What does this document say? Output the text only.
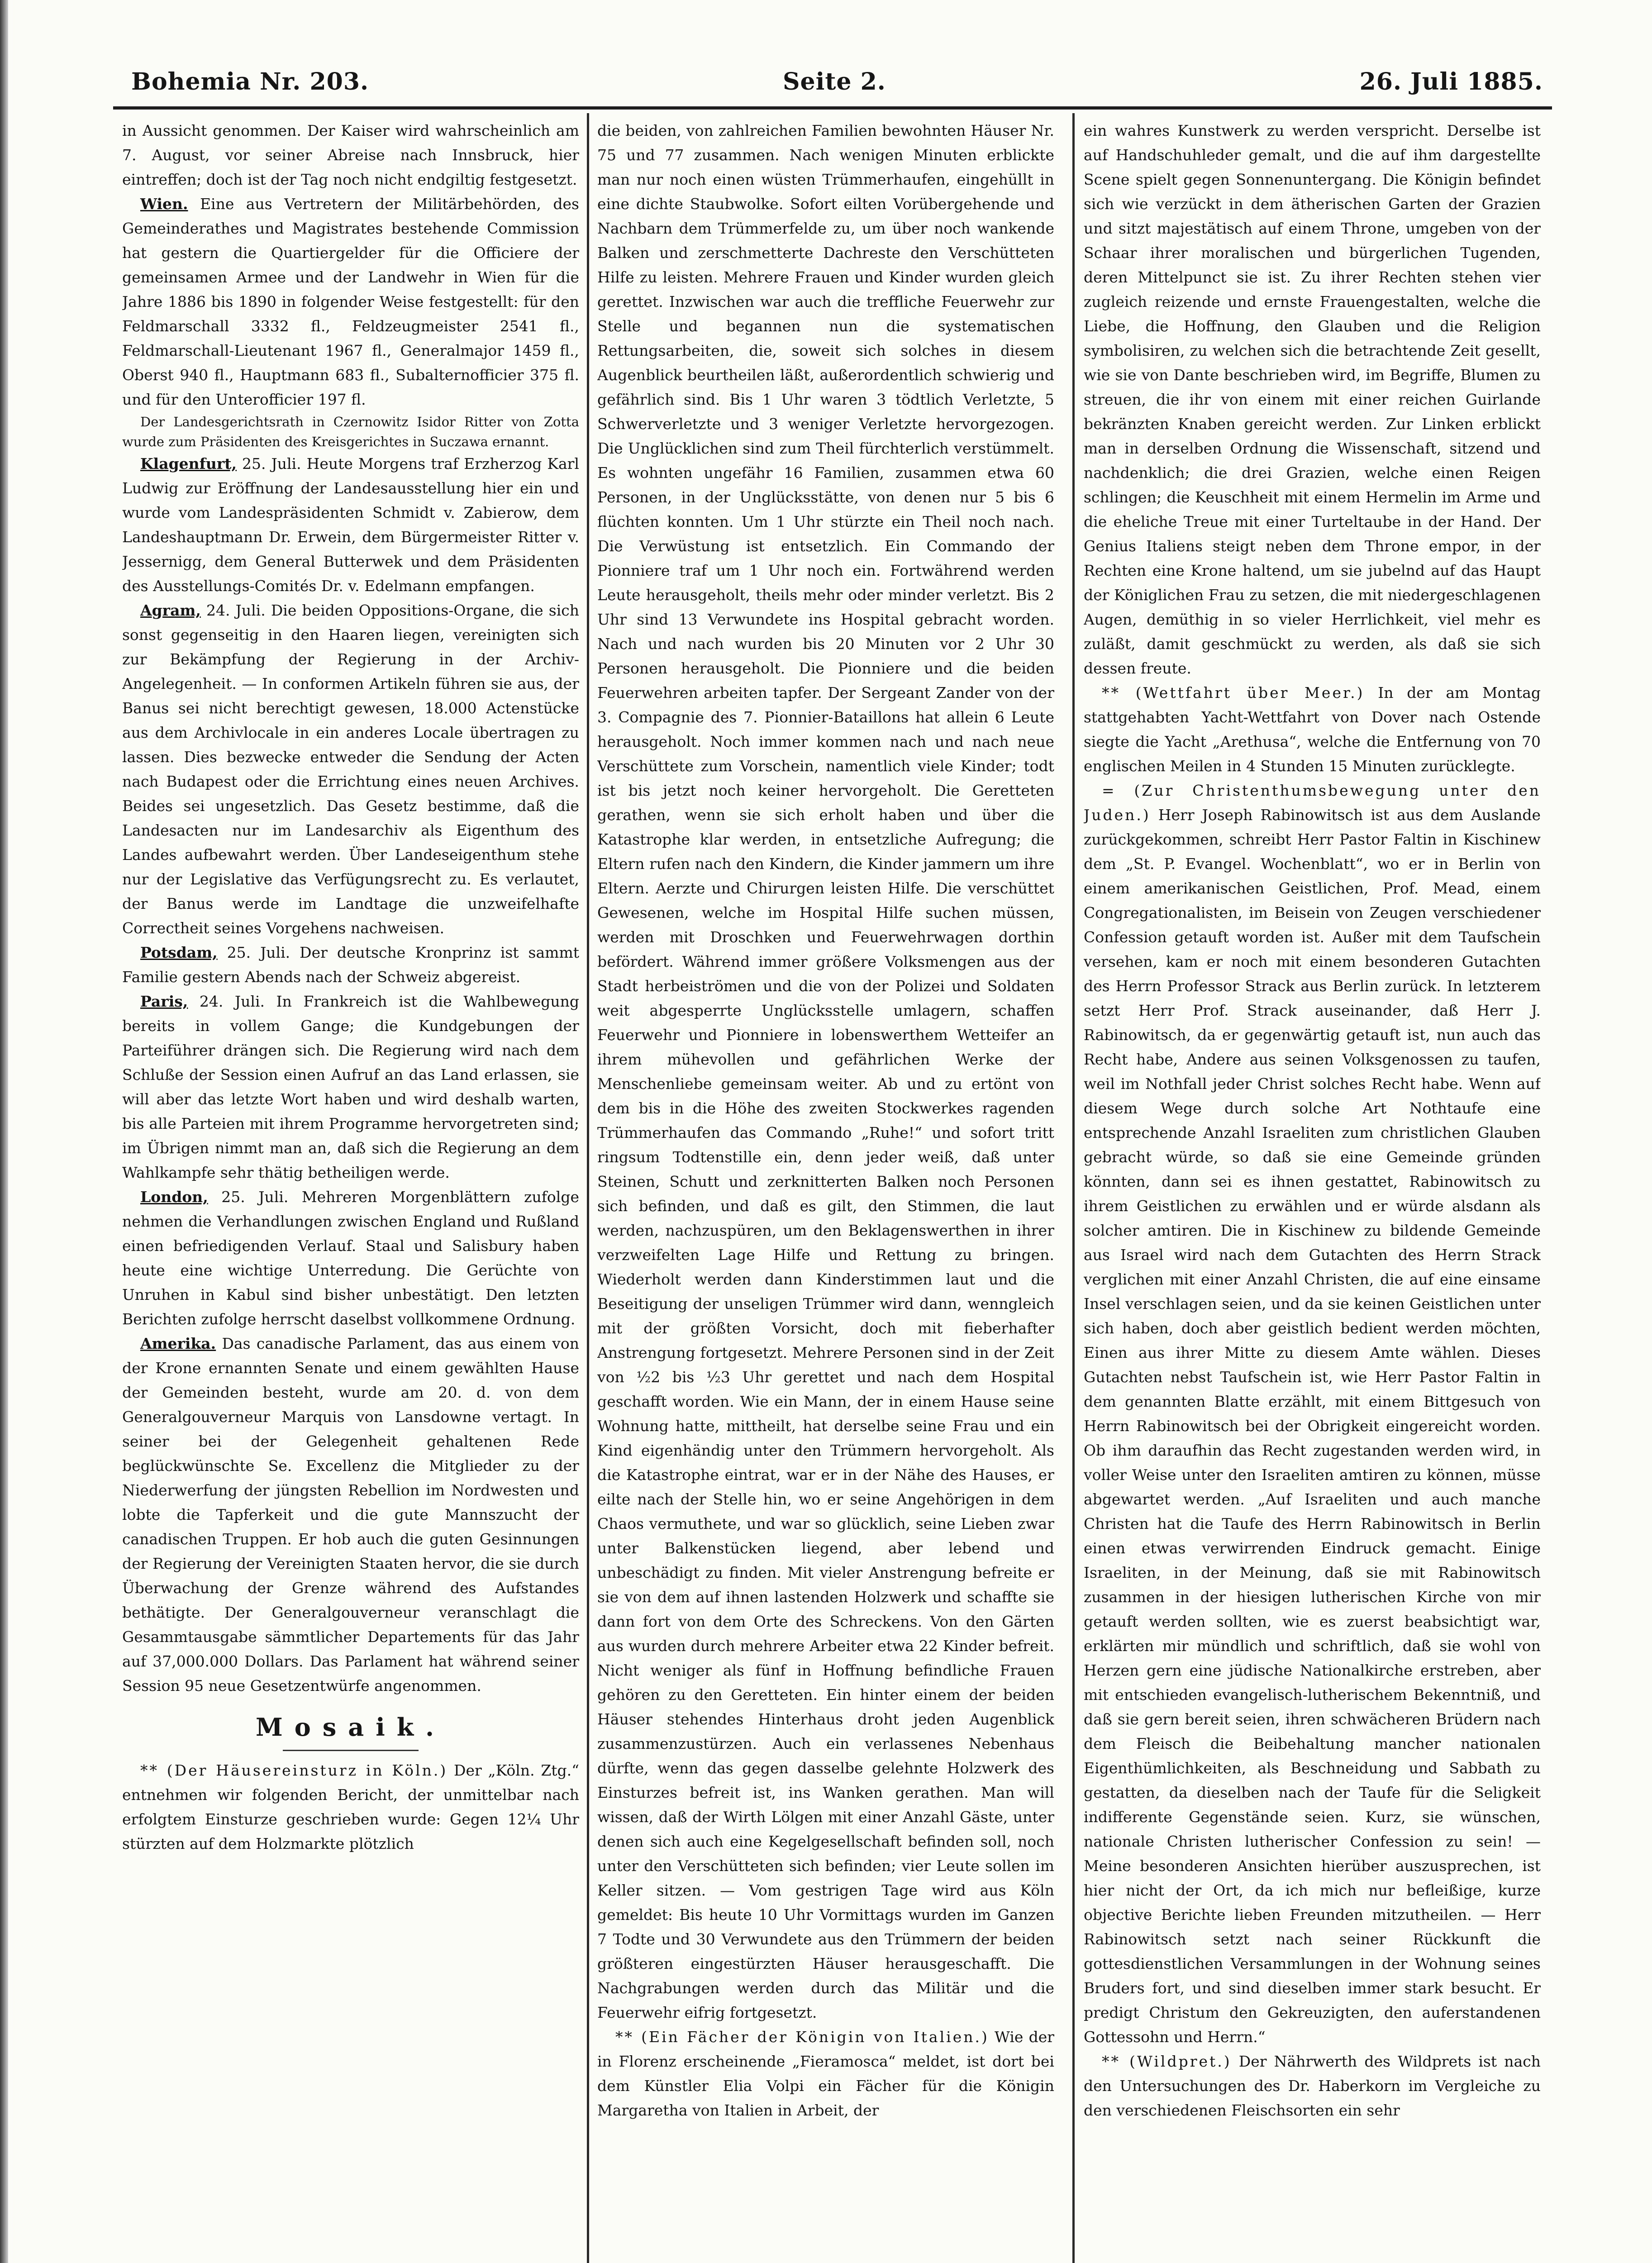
Bohemia Nr. 203.	Seite 2.	26. Juli 1885.

in Aussicht genommen. Der Kaiser wird wahrscheinlich am 7. August, vor seiner Abreise nach Innsbruck, hier eintreffen; doch ist der Tag noch nicht endgiltig festgesetzt.

Wien. Eine aus Vertretern der Militärbehörden, des Gemeinderathes und Magistrates bestehende Commission hat gestern die Quartiergelder für die Officiere der gemeinsamen Armee und der Landwehr in Wien für die Jahre 1886 bis 1890 in folgender Weise festgestellt: für den Feldmarschall 3332 fl., Feldzeugmeister 2541 fl., Feldmarschall-Lieutenant 1967 fl., Generalmajor 1459 fl., Oberst 940 fl., Hauptmann 683 fl., Subalternofficier 375 fl. und für den Unterofficier 197 fl.

Der Landesgerichtsrath in Czernowitz Isidor Ritter von Zotta wurde zum Präsidenten des Kreisgerichtes in Suczawa ernannt.

Klagenfurt, 25. Juli. Heute Morgens traf Erzherzog Karl Ludwig zur Eröffnung der Landesausstellung hier ein und wurde vom Landespräsidenten Schmidt v. Zabierow, dem Landeshauptmann Dr. Erwein, dem Bürgermeister Ritter v. Jessernigg, dem General Butterwek und dem Präsidenten des Ausstellungs-Comités Dr. v. Edelmann empfangen.

Agram, 24. Juli. Die beiden Oppositions-Organe, die sich sonst gegenseitig in den Haaren liegen, vereinigten sich zur Bekämpfung der Regierung in der Archiv-Angelegenheit. — In conformen Artikeln führen sie aus, der Banus sei nicht berechtigt gewesen, 18.000 Actenstücke aus dem Archivlocale in ein anderes Locale übertragen zu lassen. Dies bezwecke entweder die Sendung der Acten nach Budapest oder die Errichtung eines neuen Archives. Beides sei ungesetzlich. Das Gesetz bestimme, daß die Landesacten nur im Landesarchiv als Eigenthum des Landes aufbewahrt werden. Über Landeseigenthum stehe nur der Legislative das Verfügungsrecht zu. Es verlautet, der Banus werde im Landtage die unzweifelhafte Correctheit seines Vorgehens nachweisen.

Potsdam, 25. Juli. Der deutsche Kronprinz ist sammt Familie gestern Abends nach der Schweiz abgereist.

Paris, 24. Juli. In Frankreich ist die Wahlbewegung bereits in vollem Gange; die Kundgebungen der Parteiführer drängen sich. Die Regierung wird nach dem Schluße der Session einen Aufruf an das Land erlassen, sie will aber das letzte Wort haben und wird deshalb warten, bis alle Parteien mit ihrem Programme hervorgetreten sind; im Übrigen nimmt man an, daß sich die Regierung an dem Wahlkampfe sehr thätig betheiligen werde.

London, 25. Juli. Mehreren Morgenblättern zufolge nehmen die Verhandlungen zwischen England und Rußland einen befriedigenden Verlauf. Staal und Salisbury haben heute eine wichtige Unterredung. Die Gerüchte von Unruhen in Kabul sind bisher unbestätigt. Den letzten Berichten zufolge herrscht daselbst vollkommene Ordnung.

Amerika. Das canadische Parlament, das aus einem von der Krone ernannten Senate und einem gewählten Hause der Gemeinden besteht, wurde am 20. d. von dem Generalgouverneur Marquis von Lansdowne vertagt. In seiner bei der Gelegenheit gehaltenen Rede beglückwünschte Se. Excellenz die Mitglieder zu der Niederwerfung der jüngsten Rebellion im Nordwesten und lobte die Tapferkeit und die gute Mannszucht der canadischen Truppen. Er hob auch die guten Gesinnungen der Regierung der Vereinigten Staaten hervor, die sie durch Überwachung der Grenze während des Aufstandes bethätigte. Der Generalgouverneur veranschlagt die Gesammtausgabe sämmtlicher Departements für das Jahr auf 37,000.000 Dollars. Das Parlament hat während seiner Session 95 neue Gesetzentwürfe angenommen.

Mosaik.

** (Der Häusereinsturz in Köln.) Der „Köln. Ztg.“ entnehmen wir folgenden Bericht, der unmittelbar nach erfolgtem Einsturze geschrieben wurde: Gegen 12¼ Uhr stürzten auf dem Holzmarkte plötzlich

die beiden, von zahlreichen Familien bewohnten Häuser Nr. 75 und 77 zusammen. Nach wenigen Minuten erblickte man nur noch einen wüsten Trümmerhaufen, eingehüllt in eine dichte Staubwolke. Sofort eilten Vorübergehende und Nachbarn dem Trümmerfelde zu, um über noch wankende Balken und zerschmetterte Dachreste den Verschütteten Hilfe zu leisten. Mehrere Frauen und Kinder wurden gleich gerettet. Inzwischen war auch die treffliche Feuerwehr zur Stelle und begannen nun die systematischen Rettungsarbeiten, die, soweit sich solches in diesem Augenblick beurtheilen läßt, außerordentlich schwierig und gefährlich sind. Bis 1 Uhr waren 3 tödtlich Verletzte, 5 Schwerverletzte und 3 weniger Verletzte hervorgezogen. Die Unglücklichen sind zum Theil fürchterlich verstümmelt. Es wohnten ungefähr 16 Familien, zusammen etwa 60 Personen, in der Unglücksstätte, von denen nur 5 bis 6 flüchten konnten. Um 1 Uhr stürzte ein Theil noch nach. Die Verwüstung ist entsetzlich. Ein Commando der Pionniere traf um 1 Uhr noch ein. Fortwährend werden Leute herausgeholt, theils mehr oder minder verletzt. Bis 2 Uhr sind 13 Verwundete ins Hospital gebracht worden. Nach und nach wurden bis 20 Minuten vor 2 Uhr 30 Personen herausgeholt. Die Pionniere und die beiden Feuerwehren arbeiten tapfer. Der Sergeant Zander von der 3. Compagnie des 7. Pionnier-Bataillons hat allein 6 Leute herausgeholt. Noch immer kommen nach und nach neue Verschüttete zum Vorschein, namentlich viele Kinder; todt ist bis jetzt noch keiner hervorgeholt. Die Geretteten gerathen, wenn sie sich erholt haben und über die Katastrophe klar werden, in entsetzliche Aufregung; die Eltern rufen nach den Kindern, die Kinder jammern um ihre Eltern. Aerzte und Chirurgen leisten Hilfe. Die verschüttet Gewesenen, welche im Hospital Hilfe suchen müssen, werden mit Droschken und Feuerwehrwagen dorthin befördert. Während immer größere Volksmengen aus der Stadt herbeiströmen und die von der Polizei und Soldaten weit abgesperrte Unglücksstelle umlagern, schaffen Feuerwehr und Pionniere in lobenswerthem Wetteifer an ihrem mühevollen und gefährlichen Werke der Menschenliebe gemeinsam weiter. Ab und zu ertönt von dem bis in die Höhe des zweiten Stockwerkes ragenden Trümmerhaufen das Commando „Ruhe!“ und sofort tritt ringsum Todtenstille ein, denn jeder weiß, daß unter Steinen, Schutt und zerknitterten Balken noch Personen sich befinden, und daß es gilt, den Stimmen, die laut werden, nachzuspüren, um den Beklagenswerthen in ihrer verzweifelten Lage Hilfe und Rettung zu bringen. Wiederholt werden dann Kinderstimmen laut und die Beseitigung der unseligen Trümmer wird dann, wenngleich mit der größten Vorsicht, doch mit fieberhafter Anstrengung fortgesetzt. Mehrere Personen sind in der Zeit von ½2 bis ½3 Uhr gerettet und nach dem Hospital geschafft worden. Wie ein Mann, der in einem Hause seine Wohnung hatte, mittheilt, hat derselbe seine Frau und ein Kind eigenhändig unter den Trümmern hervorgeholt. Als die Katastrophe eintrat, war er in der Nähe des Hauses, er eilte nach der Stelle hin, wo er seine Angehörigen in dem Chaos vermuthete, und war so glücklich, seine Lieben zwar unter Balkenstücken liegend, aber lebend und unbeschädigt zu finden. Mit vieler Anstrengung befreite er sie von dem auf ihnen lastenden Holzwerk und schaffte sie dann fort von dem Orte des Schreckens. Von den Gärten aus wurden durch mehrere Arbeiter etwa 22 Kinder befreit. Nicht weniger als fünf in Hoffnung befindliche Frauen gehören zu den Geretteten. Ein hinter einem der beiden Häuser stehendes Hinterhaus droht jeden Augenblick zusammenzustürzen. Auch ein verlassenes Nebenhaus dürfte, wenn das gegen dasselbe gelehnte Holzwerk des Einsturzes befreit ist, ins Wanken gerathen. Man will wissen, daß der Wirth Lölgen mit einer Anzahl Gäste, unter denen sich auch eine Kegelgesellschaft befinden soll, noch unter den Verschütteten sich befinden; vier Leute sollen im Keller sitzen. — Vom gestrigen Tage wird aus Köln gemeldet: Bis heute 10 Uhr Vormittags wurden im Ganzen 7 Todte und 30 Verwundete aus den Trümmern der beiden größteren eingestürzten Häuser herausgeschafft. Die Nachgrabungen werden durch das Militär und die Feuerwehr eifrig fortgesetzt.

** (Ein Fächer der Königin von Italien.) Wie der in Florenz erscheinende „Fieramosca“ meldet, ist dort bei dem Künstler Elia Volpi ein Fächer für die Königin Margaretha von Italien in Arbeit, der

ein wahres Kunstwerk zu werden verspricht. Derselbe ist auf Handschuhleder gemalt, und die auf ihm dargestellte Scene spielt gegen Sonnenuntergang. Die Königin befindet sich wie verzückt in dem ätherischen Garten der Grazien und sitzt majestätisch auf einem Throne, umgeben von der Schaar ihrer moralischen und bürgerlichen Tugenden, deren Mittelpunct sie ist. Zu ihrer Rechten stehen vier zugleich reizende und ernste Frauengestalten, welche die Liebe, die Hoffnung, den Glauben und die Religion symbolisiren, zu welchen sich die betrachtende Zeit gesellt, wie sie von Dante beschrieben wird, im Begriffe, Blumen zu streuen, die ihr von einem mit einer reichen Guirlande bekränzten Knaben gereicht werden. Zur Linken erblickt man in derselben Ordnung die Wissenschaft, sitzend und nachdenklich; die drei Grazien, welche einen Reigen schlingen; die Keuschheit mit einem Hermelin im Arme und die eheliche Treue mit einer Turteltaube in der Hand. Der Genius Italiens steigt neben dem Throne empor, in der Rechten eine Krone haltend, um sie jubelnd auf das Haupt der Königlichen Frau zu setzen, die mit niedergeschlagenen Augen, demüthig in so vieler Herrlichkeit, viel mehr es zuläßt, damit geschmückt zu werden, als daß sie sich dessen freute.

** (Wettfahrt über Meer.) In der am Montag stattgehabten Yacht-Wettfahrt von Dover nach Ostende siegte die Yacht „Arethusa“, welche die Entfernung von 70 englischen Meilen in 4 Stunden 15 Minuten zurücklegte.

= (Zur Christenthumsbewegung unter den Juden.) Herr Joseph Rabinowitsch ist aus dem Auslande zurückgekommen, schreibt Herr Pastor Faltin in Kischinew dem „St. P. Evangel. Wochenblatt“, wo er in Berlin von einem amerikanischen Geistlichen, Prof. Mead, einem Congregationalisten, im Beisein von Zeugen verschiedener Confession getauft worden ist. Außer mit dem Taufschein versehen, kam er noch mit einem besonderen Gutachten des Herrn Professor Strack aus Berlin zurück. In letzterem setzt Herr Prof. Strack auseinander, daß Herr J. Rabinowitsch, da er gegenwärtig getauft ist, nun auch das Recht habe, Andere aus seinen Volksgenossen zu taufen, weil im Nothfall jeder Christ solches Recht habe. Wenn auf diesem Wege durch solche Art Nothtaufe eine entsprechende Anzahl Israeliten zum christlichen Glauben gebracht würde, so daß sie eine Gemeinde gründen könnten, dann sei es ihnen gestattet, Rabinowitsch zu ihrem Geistlichen zu erwählen und er würde alsdann als solcher amtiren. Die in Kischinew zu bildende Gemeinde aus Israel wird nach dem Gutachten des Herrn Strack verglichen mit einer Anzahl Christen, die auf eine einsame Insel verschlagen seien, und da sie keinen Geistlichen unter sich haben, doch aber geistlich bedient werden möchten, Einen aus ihrer Mitte zu diesem Amte wählen. Dieses Gutachten nebst Taufschein ist, wie Herr Pastor Faltin in dem genannten Blatte erzählt, mit einem Bittgesuch von Herrn Rabinowitsch bei der Obrigkeit eingereicht worden. Ob ihm daraufhin das Recht zugestanden werden wird, in voller Weise unter den Israeliten amtiren zu können, müsse abgewartet werden. „Auf Israeliten und auch manche Christen hat die Taufe des Herrn Rabinowitsch in Berlin einen etwas verwirrenden Eindruck gemacht. Einige Israeliten, in der Meinung, daß sie mit Rabinowitsch zusammen in der hiesigen lutherischen Kirche von mir getauft werden sollten, wie es zuerst beabsichtigt war, erklärten mir mündlich und schriftlich, daß sie wohl von Herzen gern eine jüdische Nationalkirche erstreben, aber mit entschieden evangelisch-lutherischem Bekenntniß, und daß sie gern bereit seien, ihren schwächeren Brüdern nach dem Fleisch die Beibehaltung mancher nationalen Eigenthümlichkeiten, als Beschneidung und Sabbath zu gestatten, da dieselben nach der Taufe für die Seligkeit indifferente Gegenstände seien. Kurz, sie wünschen, nationale Christen lutherischer Confession zu sein! — Meine besonderen Ansichten hierüber auszusprechen, ist hier nicht der Ort, da ich mich nur befleißige, kurze objective Berichte lieben Freunden mitzutheilen. — Herr Rabinowitsch setzt nach seiner Rückkunft die gottesdienstlichen Versammlungen in der Wohnung seines Bruders fort, und sind dieselben immer stark besucht. Er predigt Christum den Gekreuzigten, den auferstandenen Gottessohn und Herrn.“

** (Wildpret.) Der Nährwerth des Wildprets ist nach den Untersuchungen des Dr. Haberkorn im Vergleiche zu den verschiedenen Fleischsorten ein sehr
